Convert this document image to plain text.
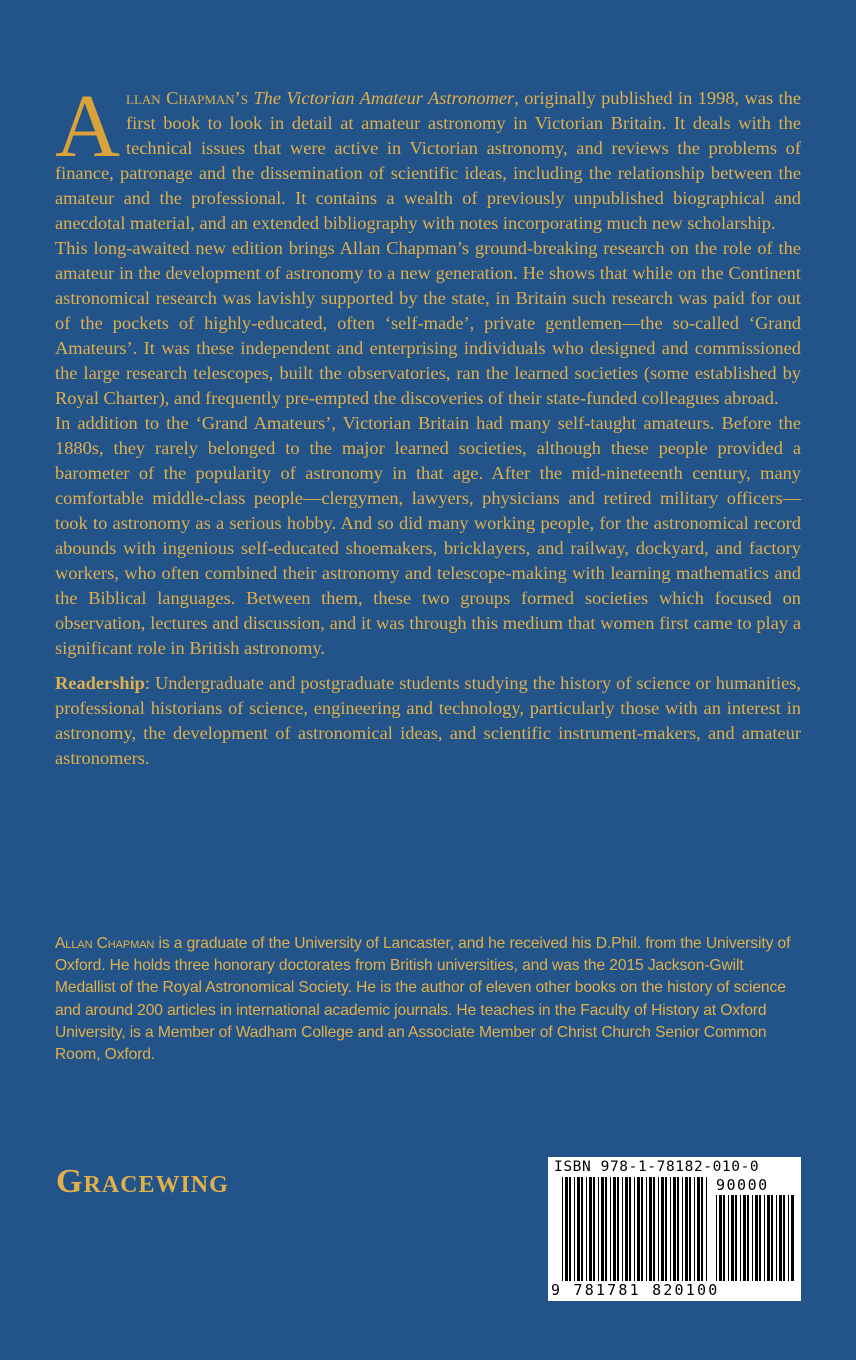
Allan Chapman’s The Victorian Amateur Astronomer, originally published in 1998, was the first book to look in detail at amateur astronomy in Victorian Britain. It deals with the technical issues that were active in Victorian astronomy, and reviews the problems of finance, patronage and the dissemination of scientific ideas, including the relationship between the amateur and the professional. It contains a wealth of previously unpublished biographical and anecdotal material, and an extended bibliography with notes incorporating much new scholarship.

This long-awaited new edition brings Allan Chapman’s ground-breaking research on the role of the amateur in the development of astronomy to a new generation. He shows that while on the Continent astronomical research was lavishly supported by the state, in Britain such research was paid for out of the pockets of highly-educated, often ‘self-made’, private gentlemen—the so-called ‘Grand Amateurs’. It was these independent and enterprising individuals who designed and commissioned the large research telescopes, built the observatories, ran the learned societies (some established by Royal Charter), and frequently pre-empted the discoveries of their state-funded colleagues abroad.

In addition to the ‘Grand Amateurs’, Victorian Britain had many self-taught amateurs. Before the 1880s, they rarely belonged to the major learned societies, although these people provided a barometer of the popularity of astronomy in that age. After the mid-nineteenth century, many comfortable middle-class people—clergymen, lawyers, physicians and retired military officers—took to astronomy as a serious hobby. And so did many working people, for the astronomical record abounds with ingenious self-educated shoemakers, bricklayers, and railway, dockyard, and factory workers, who often combined their astronomy and telescope-making with learning mathematics and the Biblical languages. Between them, these two groups formed societies which focused on observation, lectures and discussion, and it was through this medium that women first came to play a significant role in British astronomy.

Readership: Undergraduate and postgraduate students studying the history of science or humanities, professional historians of science, engineering and technology, particularly those with an interest in astronomy, the development of astronomical ideas, and scientific instrument-makers, and amateur astronomers.

Allan Chapman is a graduate of the University of Lancaster, and he received his D.Phil. from the University of Oxford. He holds three honorary doctorates from British universities, and was the 2015 Jackson-Gwilt Medallist of the Royal Astronomical Society. He is the author of eleven other books on the history of science and around 200 articles in international academic journals. He teaches in the Faculty of History at Oxford University, is a Member of Wadham College and an Associate Member of Christ Church Senior Common Room, Oxford.

Gracewing	ISBN 978-1-78182-010-0
90000
9 781781 820100
